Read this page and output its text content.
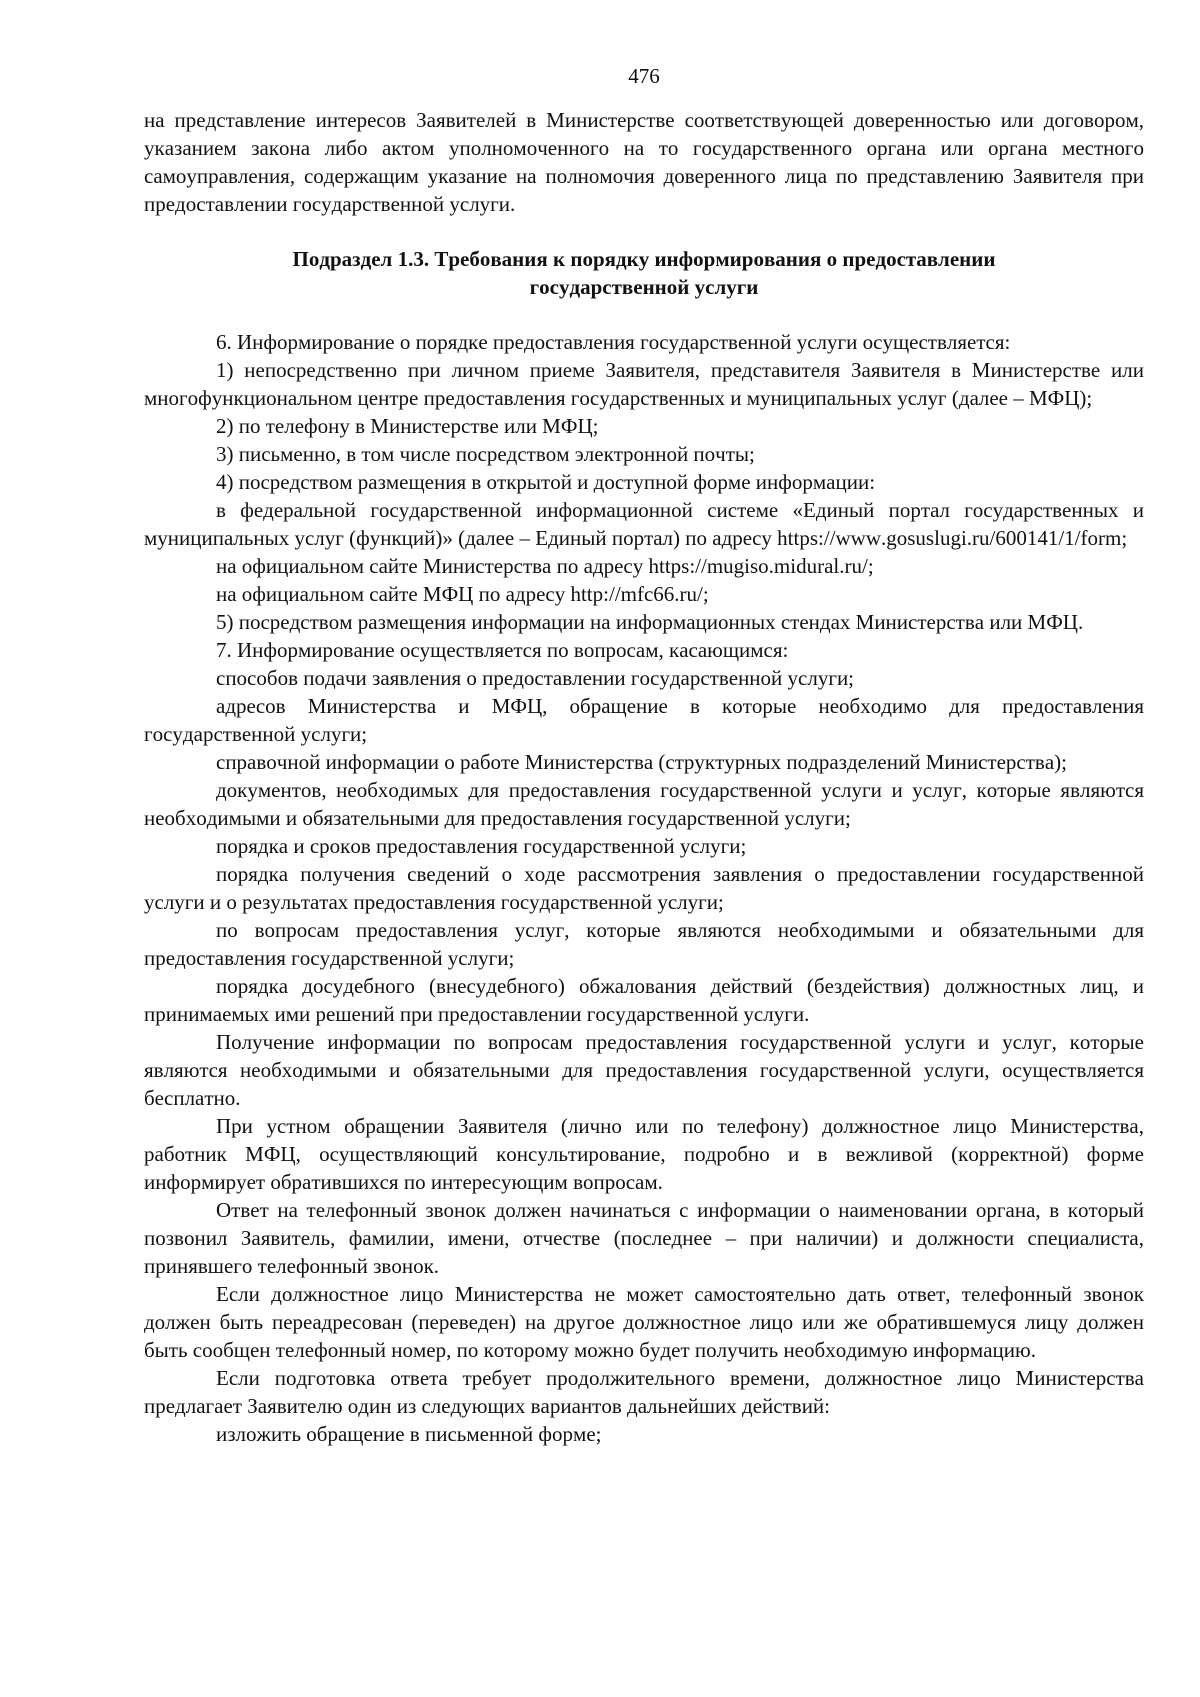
476

на представление интересов Заявителей в Министерстве соответствующей доверенностью или договором, указанием закона либо актом уполномоченного на то государственного органа или органа местного самоуправления, содержащим указание на полномочия доверенного лица по представлению Заявителя при предоставлении государственной услуги.

Подраздел 1.3. Требования к порядку информирования о предоставлении
государственной услуги

6. Информирование о порядке предоставления государственной услуги осуществляется:

1) непосредственно при личном приеме Заявителя, представителя Заявителя в Министерстве или многофункциональном центре предоставления государственных и муниципальных услуг (далее – МФЦ);

2) по телефону в Министерстве или МФЦ;

3) письменно, в том числе посредством электронной почты;

4) посредством размещения в открытой и доступной форме информации:

в федеральной государственной информационной системе «Единый портал государственных и муниципальных услуг (функций)» (далее – Единый портал) по адресу https://www.gosuslugi.ru/600141/1/form;

на официальном сайте Министерства по адресу https://mugiso.midural.ru/;

на официальном сайте МФЦ по адресу http://mfc66.ru/;

5) посредством размещения информации на информационных стендах Министерства или МФЦ.

7. Информирование осуществляется по вопросам, касающимся:

способов подачи заявления о предоставлении государственной услуги;

адресов Министерства и МФЦ, обращение в которые необходимо для предоставления государственной услуги;

справочной информации о работе Министерства (структурных подразделений Министерства);

документов, необходимых для предоставления государственной услуги и услуг, которые являются необходимыми и обязательными для предоставления государственной услуги;

порядка и сроков предоставления государственной услуги;

порядка получения сведений о ходе рассмотрения заявления о предоставлении государственной услуги и о результатах предоставления государственной услуги;

по вопросам предоставления услуг, которые являются необходимыми и обязательными для предоставления государственной услуги;

порядка досудебного (внесудебного) обжалования действий (бездействия) должностных лиц, и принимаемых ими решений при предоставлении государственной услуги.

Получение информации по вопросам предоставления государственной услуги и услуг, которые являются необходимыми и обязательными для предоставления государственной услуги, осуществляется бесплатно.

При устном обращении Заявителя (лично или по телефону) должностное лицо Министерства, работник МФЦ, осуществляющий консультирование, подробно и в вежливой (корректной) форме информирует обратившихся по интересующим вопросам.

Ответ на телефонный звонок должен начинаться с информации о наименовании органа, в который позвонил Заявитель, фамилии, имени, отчестве (последнее – при наличии) и должности специалиста, принявшего телефонный звонок.

Если должностное лицо Министерства не может самостоятельно дать ответ, телефонный звонок должен быть переадресован (переведен) на другое должностное лицо или же обратившемуся лицу должен быть сообщен телефонный номер, по которому можно будет получить необходимую информацию.

Если подготовка ответа требует продолжительного времени, должностное лицо Министерства предлагает Заявителю один из следующих вариантов дальнейших действий:

изложить обращение в письменной форме;
